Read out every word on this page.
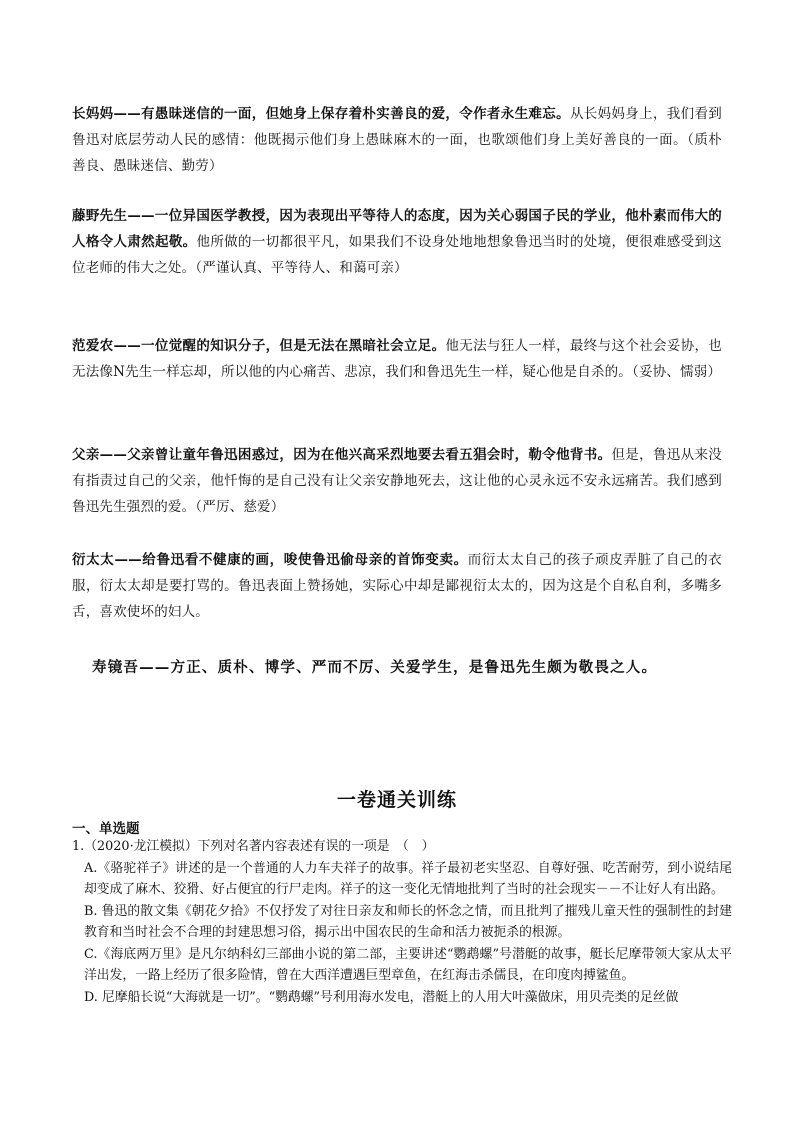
长妈妈——有愚昧迷信的一面，但她身上保存着朴实善良的爱，令作者永生难忘。从长妈妈身上，我们看到鲁迅对底层劳动人民的感情：他既揭示他们身上愚昧麻木的一面，也歌颂他们身上美好善良的一面。（质朴善良、愚昧迷信、勤劳）
藤野先生——一位异国医学教授，因为表现出平等待人的态度，因为关心弱国子民的学业，他朴素而伟大的人格令人肃然起敬。他所做的一切都很平凡，如果我们不设身处地地想象鲁迅当时的处境，便很难感受到这位老师的伟大之处。（严谨认真、平等待人、和蔼可亲）
范爱农——一位觉醒的知识分子，但是无法在黑暗社会立足。他无法与狂人一样，最终与这个社会妥协，也无法像N先生一样忘却，所以他的内心痛苦、悲凉，我们和鲁迅先生一样，疑心他是自杀的。（妥协、懦弱）
父亲——父亲曾让童年鲁迅困惑过，因为在他兴高采烈地要去看五猖会时，勒令他背书。但是，鲁迅从来没有指责过自己的父亲，他忏悔的是自己没有让父亲安静地死去，这让他的心灵永远不安永远痛苦。我们感到鲁迅先生强烈的爱。（严厉、慈爱）
衍太太——给鲁迅看不健康的画，唆使鲁迅偷母亲的首饰变卖。而衍太太自己的孩子顽皮弄脏了自己的衣服，衍太太却是要打骂的。鲁迅表面上赞扬她，实际心中却是鄙视衍太太的，因为这是个自私自利，多嘴多舌，喜欢使坏的妇人。
寿镜吾——方正、质朴、博学、严而不厉、关爱学生，是鲁迅先生颇为敬畏之人。
一卷通关训练
一、单选题
1.（2020·龙江模拟）下列对名著内容表述有误的一项是　（　）
A.《骆驼祥子》讲述的是一个普通的人力车夫祥子的故事。祥子最初老实坚忍、自尊好强、吃苦耐劳，到小说结尾却变成了麻木、狡猾、好占便宜的行尸走肉。祥子的这一变化无情地批判了当时的社会现实－－不让好人有出路。
B. 鲁迅的散文集《朝花夕拾》不仅抒发了对往日亲友和师长的怀念之情，而且批判了摧残儿童天性的强制性的封建教育和当时社会不合理的封建思想习俗，揭示出中国农民的生命和活力被扼杀的根源。
C.《海底两万里》是凡尔纳科幻三部曲小说的第二部，主要讲述“鹦鹉螺”号潜艇的故事，艇长尼摩带领大家从太平洋出发，一路上经历了很多险情，曾在大西洋遭遇巨型章鱼，在红海击杀儒艮，在印度肉搏鲨鱼。
D. 尼摩船长说“大海就是一切”。“鹦鹉螺”号利用海水发电，潜艇上的人用大叶藻做床，用贝壳类的足丝做
